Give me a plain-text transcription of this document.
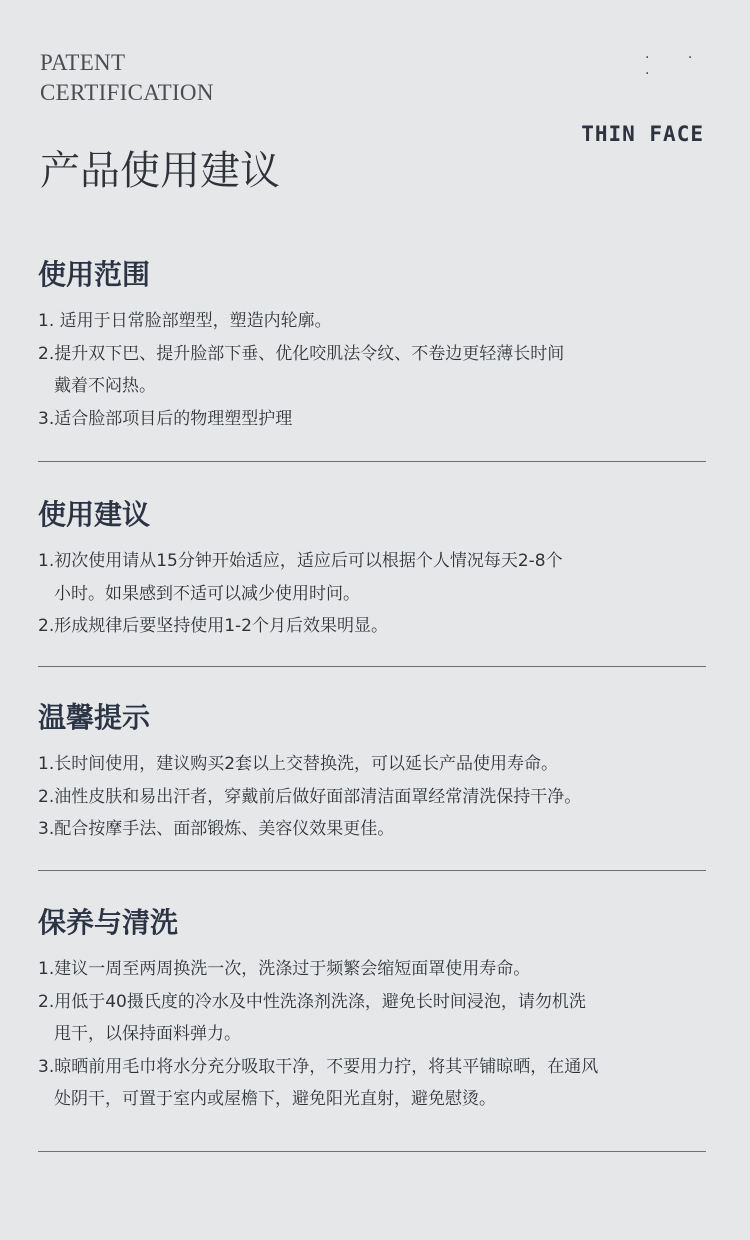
PATENT
CERTIFICATION
· · ·
THIN FACE
产品使用建议
使用范围
1. 适用于日常脸部塑型，塑造内轮廓。
2.提升双下巴、提升脸部下垂、优化咬肌法令纹、不卷边更轻薄长时间
戴着不闷热。
3.适合脸部项目后的物理塑型护理
使用建议
1.初次使用请从15分钟开始适应，适应后可以根据个人情况每天2-8个
小时。如果感到不适可以减少使用时问。
2.形成规律后要坚持使用1-2个月后效果明显。
温馨提示
1.长时间使用，建议购买2套以上交替换洗，可以延长产品使用寿命。
2.油性皮肤和易出汗者，穿戴前后做好面部清洁面罩经常清洗保持干净。
3.配合按摩手法、面部锻炼、美容仪效果更佳。
保养与清洗
1.建议一周至两周换洗一次，洗涤过于频繁会缩短面罩使用寿命。
2.用低于40摄氏度的冷水及中性洗涤剂洗涤，避免长时间浸泡，请勿机洗
甩干，以保持面料弹力。
3.晾晒前用毛巾将水分充分吸取干净，不要用力拧，将其平铺晾晒，在通风
处阴干，可置于室内或屋檐下，避免阳光直射，避免慰烫。
